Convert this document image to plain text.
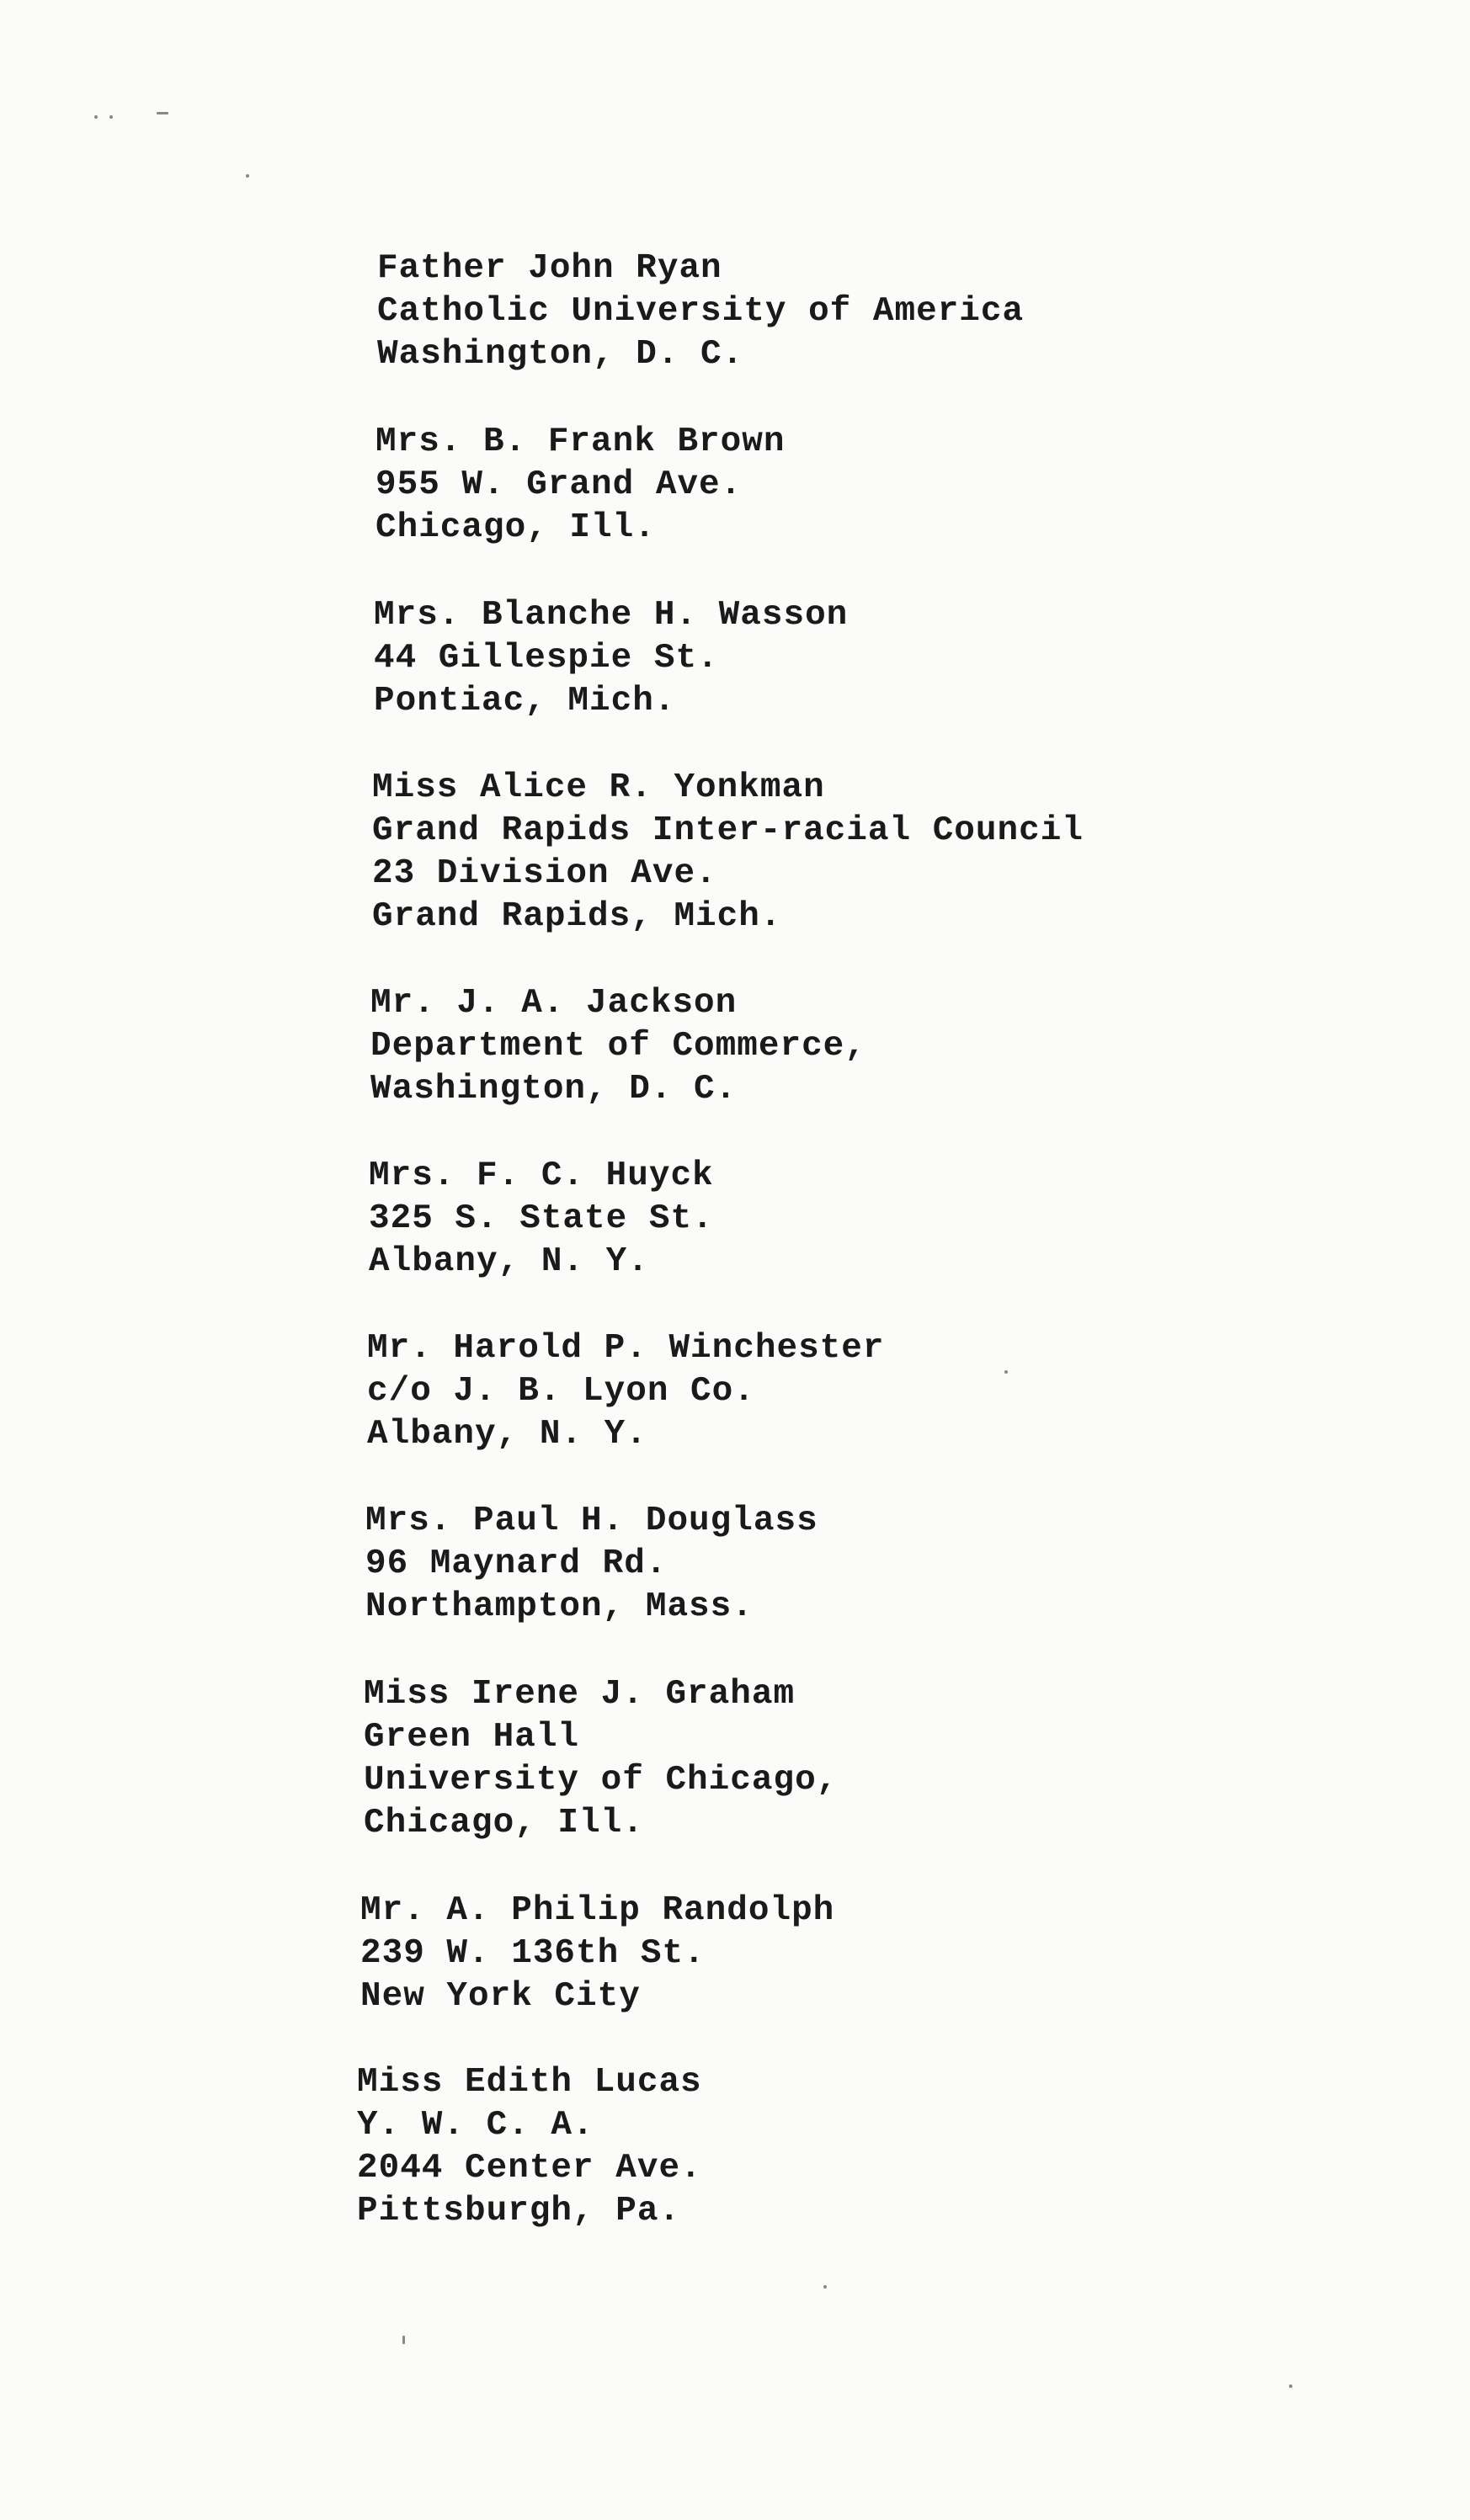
Father John Ryan
Catholic University of America
Washington, D. C.
Mrs. B. Frank Brown
955 W. Grand Ave.
Chicago, Ill.
Mrs. Blanche H. Wasson
44 Gillespie St.
Pontiac, Mich.
Miss Alice R. Yonkman
Grand Rapids Inter-racial Council
23 Division Ave.
Grand Rapids, Mich.
Mr. J. A. Jackson
Department of Commerce,
Washington, D. C.
Mrs. F. C. Huyck
325 S. State St.
Albany, N. Y.
Mr. Harold P. Winchester
c/o J. B. Lyon Co.
Albany, N. Y.
Mrs. Paul H. Douglass
96 Maynard Rd.
Northampton, Mass.
Miss Irene J. Graham
Green Hall
University of Chicago,
Chicago, Ill.
Mr. A. Philip Randolph
239 W. 136th St.
New York City
Miss Edith Lucas
Y. W. C. A.
2044 Center Ave.
Pittsburgh, Pa.
